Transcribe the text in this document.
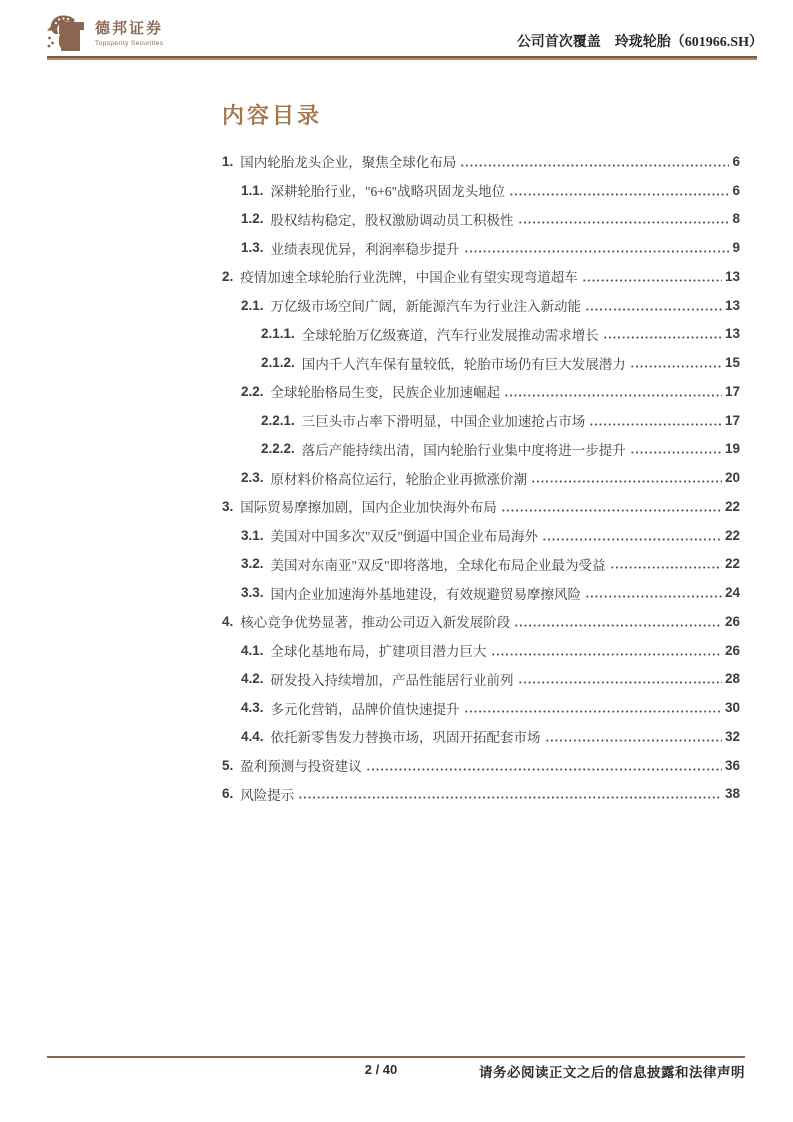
德邦证券
Topsperity Securities	公司首次覆盖 玲珑轮胎（601966.SH）
内容目录
1. 国内轮胎龙头企业，聚焦全球化布局	6
1.1. 深耕轮胎行业，"6+6"战略巩固龙头地位	6
1.2. 股权结构稳定，股权激励调动员工积极性	8
1.3. 业绩表现优异，利润率稳步提升	9
2. 疫情加速全球轮胎行业洗牌，中国企业有望实现弯道超车	13
2.1. 万亿级市场空间广阔，新能源汽车为行业注入新动能	13
2.1.1. 全球轮胎万亿级赛道，汽车行业发展推动需求增长	13
2.1.2. 国内千人汽车保有量较低，轮胎市场仍有巨大发展潜力	15
2.2. 全球轮胎格局生变，民族企业加速崛起	17
2.2.1. 三巨头市占率下滑明显，中国企业加速抢占市场	17
2.2.2. 落后产能持续出清，国内轮胎行业集中度将进一步提升	19
2.3. 原材料价格高位运行，轮胎企业再掀涨价潮	20
3. 国际贸易摩擦加剧，国内企业加快海外布局	22
3.1. 美国对中国多次"双反"倒逼中国企业布局海外	22
3.2. 美国对东南亚"双反"即将落地，全球化布局企业最为受益	22
3.3. 国内企业加速海外基地建设，有效规避贸易摩擦风险	24
4. 核心竞争优势显著，推动公司迈入新发展阶段	26
4.1. 全球化基地布局，扩建项目潜力巨大	26
4.2. 研发投入持续增加，产品性能居行业前列	28
4.3. 多元化营销，品牌价值快速提升	30
4.4. 依托新零售发力替换市场，巩固开拓配套市场	32
5. 盈利预测与投资建议	36
6. 风险提示	38
2 / 40	请务必阅读正文之后的信息披露和法律声明
